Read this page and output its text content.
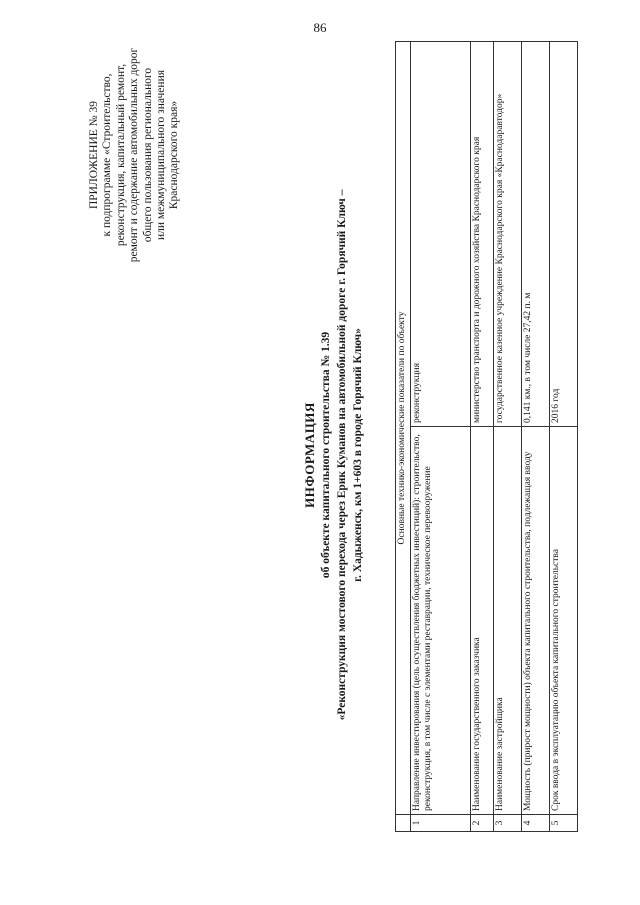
86
ПРИЛОЖЕНИЕ № 39 к подпрограмме «Строительство, реконструкция, капитальный ремонт, ремонт и содержание автомобильных дорог общего пользования регионального или межмуниципального значения Краснодарского края»
ИНФОРМАЦИЯ об объекте капитального строительства № 1.39 «Реконструкция мостового перехода через Ерик Куманов на автомобильной дороге г. Горячий Ключ – г. Хадыженск, км 1+603 в городе Горячий Ключ»
		Основные технико-экономические показатели по объекту	
1	Направление инвестирования (цель осуществления бюджетных инвестиций): строительство, реконструкция, в том числе с элементами реставрации, техническое перевооружение	реконструкция
2	Наименование государственного заказчика	министерство транспорта и дорожного хозяйства Краснодарского края
3	Наименование застройщика	государственное казенное учреждение Краснодарского края «Краснодаравтодор»
4	Мощность (прирост мощности) объекта капитального строительства, подлежащая вводу	0,141 км., в том числе 27,42 п. м
5	Срок ввода в эксплуатацию объекта капитального строительства	2016 год
